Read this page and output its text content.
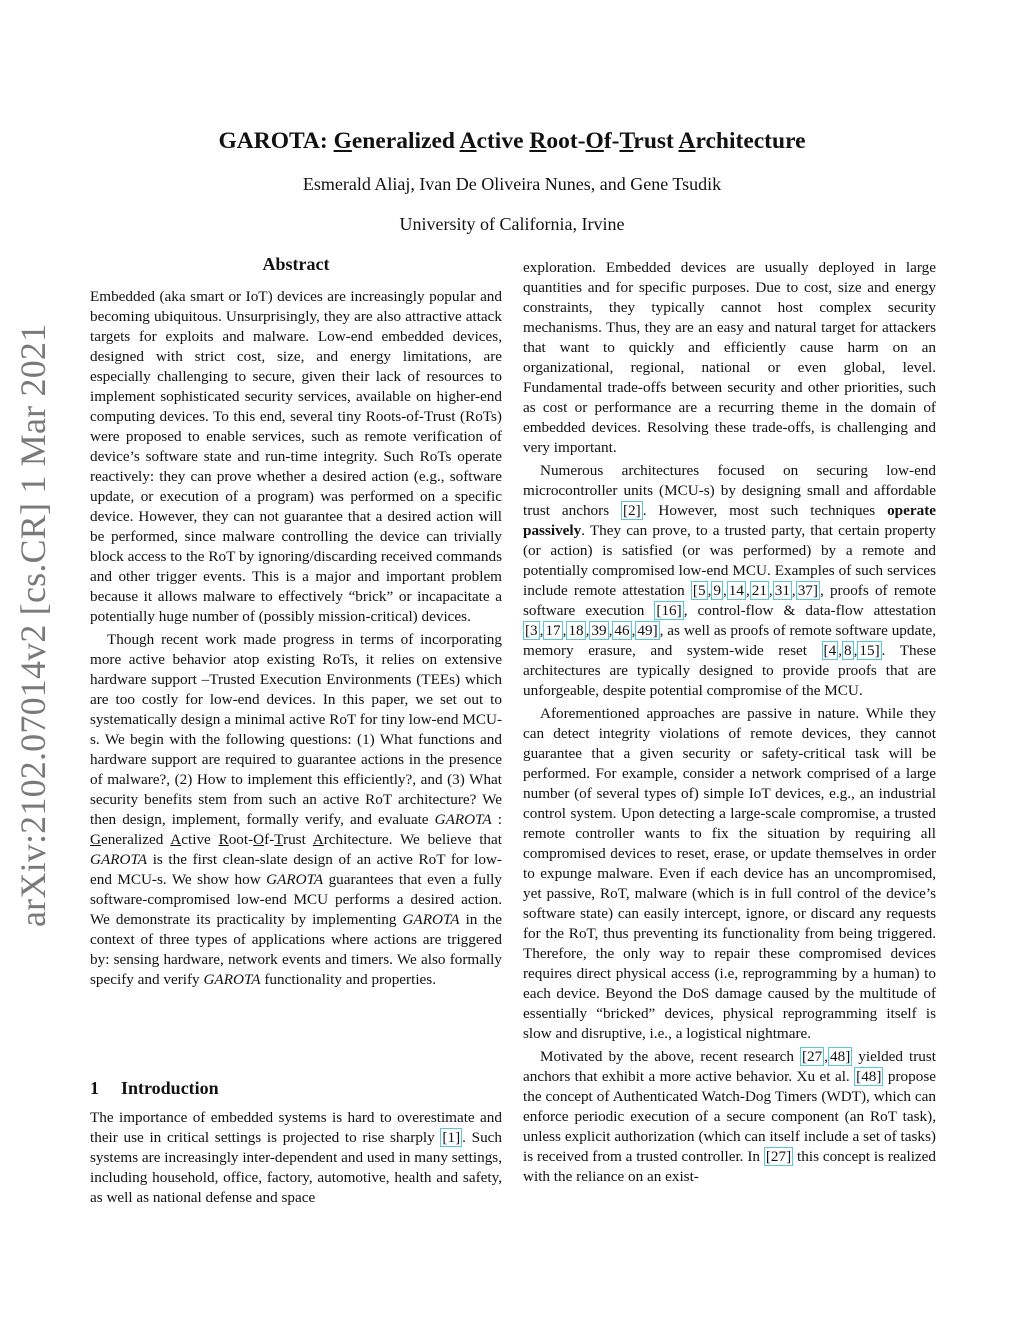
arXiv:2102.07014v2 [cs.CR] 1 Mar 2021
GAROTA: Generalized Active Root-Of-Trust Architecture
Esmerald Aliaj, Ivan De Oliveira Nunes, and Gene Tsudik
University of California, Irvine
Abstract

Embedded (aka smart or IoT) devices are increasingly popular and becoming ubiquitous. Unsurprisingly, they are also attractive attack targets for exploits and malware. Low-end embedded devices, designed with strict cost, size, and energy limitations, are especially challenging to secure, given their lack of resources to implement sophisticated security services, available on higher-end computing devices. To this end, several tiny Roots-of-Trust (RoTs) were proposed to enable services, such as remote verification of device’s software state and run-time integrity. Such RoTs operate reactively: they can prove whether a desired action (e.g., software update, or execution of a program) was performed on a specific device. However, they can not guarantee that a desired action will be performed, since malware controlling the device can trivially block access to the RoT by ignoring/discarding received commands and other trigger events. This is a major and important problem because it allows malware to effectively “brick” or incapacitate a potentially huge number of (possibly mission-critical) devices.

Though recent work made progress in terms of incorporating more active behavior atop existing RoTs, it relies on extensive hardware support –Trusted Execution Environments (TEEs) which are too costly for low-end devices. In this paper, we set out to systematically design a minimal active RoT for tiny low-end MCU-s. We begin with the following questions: (1) What functions and hardware support are required to guarantee actions in the presence of malware?, (2) How to implement this efficiently?, and (3) What security benefits stem from such an active RoT architecture? We then design, implement, formally verify, and evaluate GAROTA : Generalized Active Root-Of-Trust Architecture. We believe that GAROTA is the first clean-slate design of an active RoT for low-end MCU-s. We show how GAROTA guarantees that even a fully software-compromised low-end MCU performs a desired action. We demonstrate its practicality by implementing GAROTA in the context of three types of applications where actions are triggered by: sensing hardware, network events and timers. We also formally specify and verify GAROTA functionality and properties.

1 Introduction

The importance of embedded systems is hard to overestimate and their use in critical settings is projected to rise sharply [1] . Such systems are increasingly inter-dependent and used in many settings, including household, office, factory, automotive, health and safety, as well as national defense and space

exploration. Embedded devices are usually deployed in large quantities and for specific purposes. Due to cost, size and energy constraints, they typically cannot host complex security mechanisms. Thus, they are an easy and natural target for attackers that want to quickly and efficiently cause harm on an organizational, regional, national or even global, level. Fundamental trade-offs between security and other priorities, such as cost or performance are a recurring theme in the domain of embedded devices. Resolving these trade-offs, is challenging and very important.

Numerous architectures focused on securing low-end microcontroller units (MCU-s) by designing small and affordable trust anchors [2] . However, most such techniques operate passively. They can prove, to a trusted party, that certain property (or action) is satisfied (or was performed) by a remote and potentially compromised low-end MCU. Examples of such services include remote attestation [5 , 9 , 14 , 21 , 31 , 37] , proofs of remote software execution [16] , control-flow & data-flow attestation [3 , 17 , 18 , 39 , 46 , 49] , as well as proofs of remote software update, memory erasure, and system-wide reset [4 , 8 , 15] . These architectures are typically designed to provide proofs that are unforgeable, despite potential compromise of the MCU.

Aforementioned approaches are passive in nature. While they can detect integrity violations of remote devices, they cannot guarantee that a given security or safety-critical task will be performed. For example, consider a network comprised of a large number (of several types of) simple IoT devices, e.g., an industrial control system. Upon detecting a large-scale compromise, a trusted remote controller wants to fix the situation by requiring all compromised devices to reset, erase, or update themselves in order to expunge malware. Even if each device has an uncompromised, yet passive, RoT, malware (which is in full control of the device’s software state) can easily intercept, ignore, or discard any requests for the RoT, thus preventing its functionality from being triggered. Therefore, the only way to repair these compromised devices requires direct physical access (i.e, reprogramming by a human) to each device. Beyond the DoS damage caused by the multitude of essentially “bricked” devices, physical reprogramming itself is slow and disruptive, i.e., a logistical nightmare.

Motivated by the above, recent research [27 , 48] yielded trust anchors that exhibit a more active behavior. Xu et al. [48] propose the concept of Authenticated Watch-Dog Timers (WDT), which can enforce periodic execution of a secure component (an RoT task), unless explicit authorization (which can itself include a set of tasks) is received from a trusted controller. In [27] this concept is realized with the reliance on an exist-
